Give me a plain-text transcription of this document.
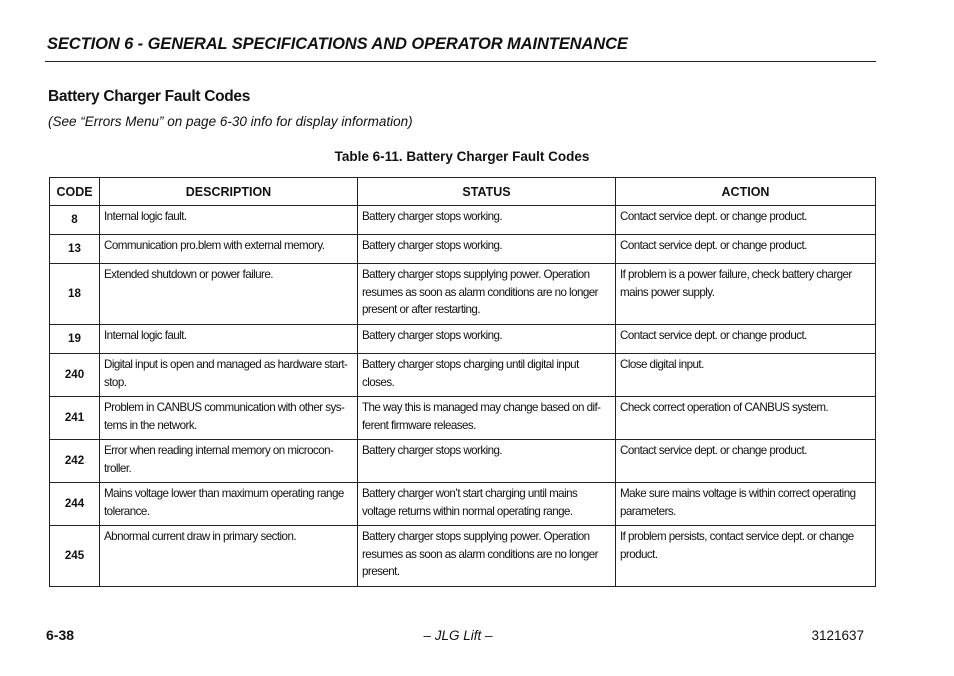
SECTION 6 - GENERAL SPECIFICATIONS AND OPERATOR MAINTENANCE
Battery Charger Fault Codes

(See “Errors Menu” on page 6-30 info for display information)

Table 6-11. Battery Charger Fault Codes

CODE	DESCRIPTION	STATUS	ACTION
8	Internal logic fault.	Battery charger stops working.	Contact service dept. or change product.
13	Communication pro.blem with external memory.	Battery charger stops working.	Contact service dept. or change product.
18	Extended shutdown or power failure.	Battery charger stops supplying power. Operation resumes as soon as alarm conditions are no longer present or after restarting.	If problem is a power failure, check battery charger mains power supply.
19	Internal logic fault.	Battery charger stops working.	Contact service dept. or change product.
240	Digital input is open and managed as hardware start-stop.	Battery charger stops charging until digital input closes.	Close digital input.
241	Problem in CANBUS communication with other sys-tems in the network.	The way this is managed may change based on dif-ferent firmware releases.	Check correct operation of CANBUS system.
242	Error when reading internal memory on microcon-troller.	Battery charger stops working.	Contact service dept. or change product.
244	Mains voltage lower than maximum operating range tolerance.	Battery charger won’t start charging until mains voltage returns within normal operating range.	Make sure mains voltage is within correct operating parameters.
245	Abnormal current draw in primary section.	Battery charger stops supplying power. Operation resumes as soon as alarm conditions are no longer present.	If problem persists, contact service dept. or change product.

6-38	– JLG Lift –	3121637
